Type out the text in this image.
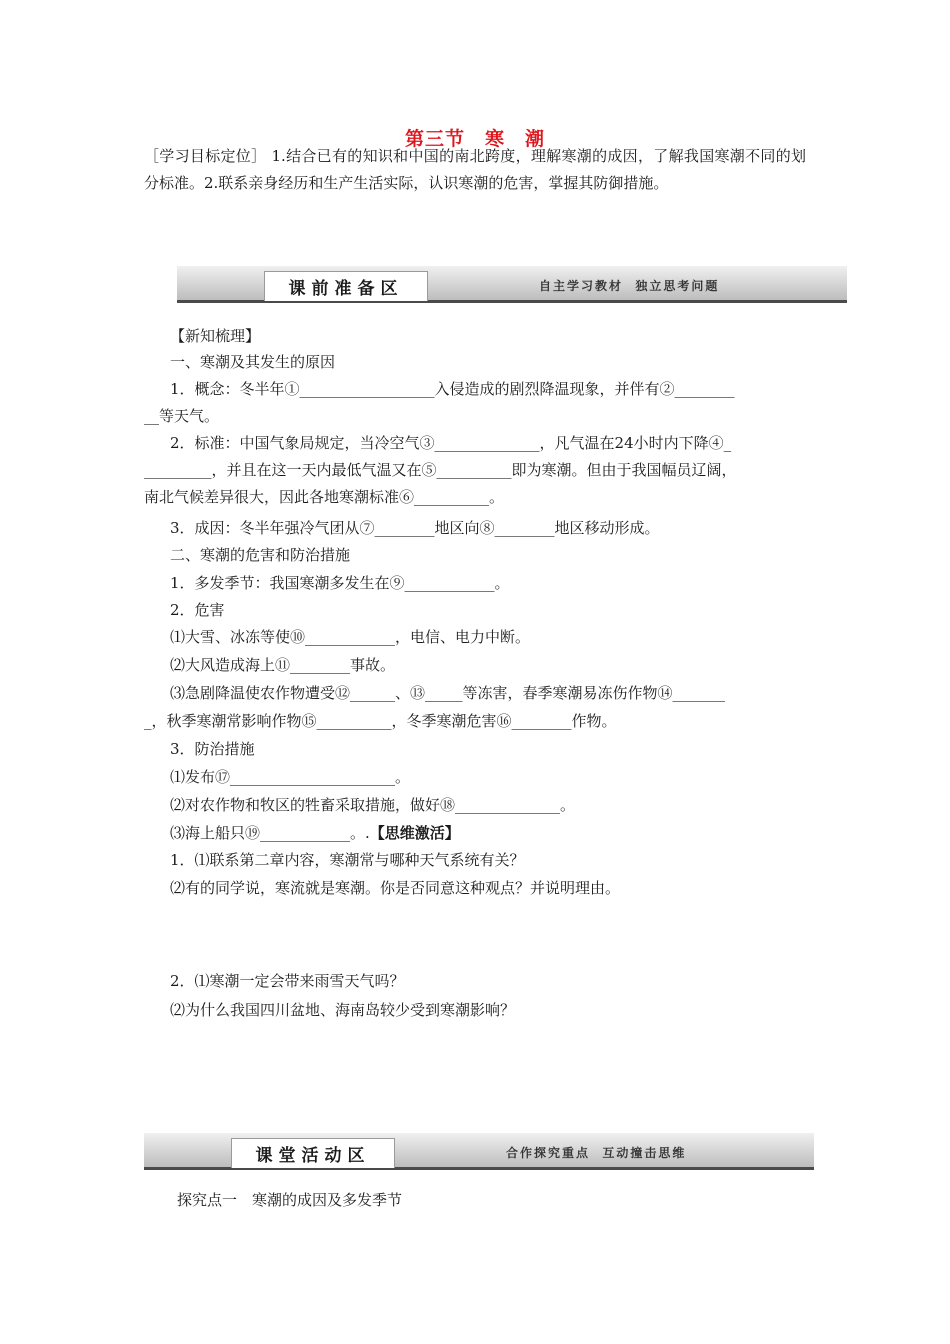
第三节　寒　潮
［学习目标定位］ 1.结合已有的知识和中国的南北跨度，理解寒潮的成因，了解我国寒潮不同的划分标准。2.联系亲身经历和生产生活实际，认识寒潮的危害，掌握其防御措施。
课前准备区	自主学习教材  独立思考问题
【新知梳理】
一、寒潮及其发生的原因
1．概念：冬半年①__________________入侵造成的剧烈降温现象，并伴有②________
__等天气。
2．标准：中国气象局规定，当冷空气③______________，凡气温在24小时内下降④_
_________，并且在这一天内最低气温又在⑤__________即为寒潮。但由于我国幅员辽阔，
南北气候差异很大，因此各地寒潮标准⑥__________。
3．成因：冬半年强冷气团从⑦________地区向⑧________地区移动形成。
二、寒潮的危害和防治措施
1．多发季节：我国寒潮多发生在⑨____________。
2．危害
⑴大雪、冰冻等使⑩____________，电信、电力中断。
⑵大风造成海上⑪________事故。
⑶急剧降温使农作物遭受⑫______、⑬_____等冻害，春季寒潮易冻伤作物⑭_______
_，秋季寒潮常影响作物⑮__________，冬季寒潮危害⑯________作物。
3．防治措施
⑴发布⑰______________________。
⑵对农作物和牧区的牲畜采取措施，做好⑱______________。
⑶海上船只⑲____________。.【思维激活】
1．⑴联系第二章内容，寒潮常与哪种天气系统有关？
⑵有的同学说，寒流就是寒潮。你是否同意这种观点？并说明理由。
2．⑴寒潮一定会带来雨雪天气吗？
⑵为什么我国四川盆地、海南岛较少受到寒潮影响？
课堂活动区	合作探究重点  互动撞击思维
探究点一　寒潮的成因及多发季节
